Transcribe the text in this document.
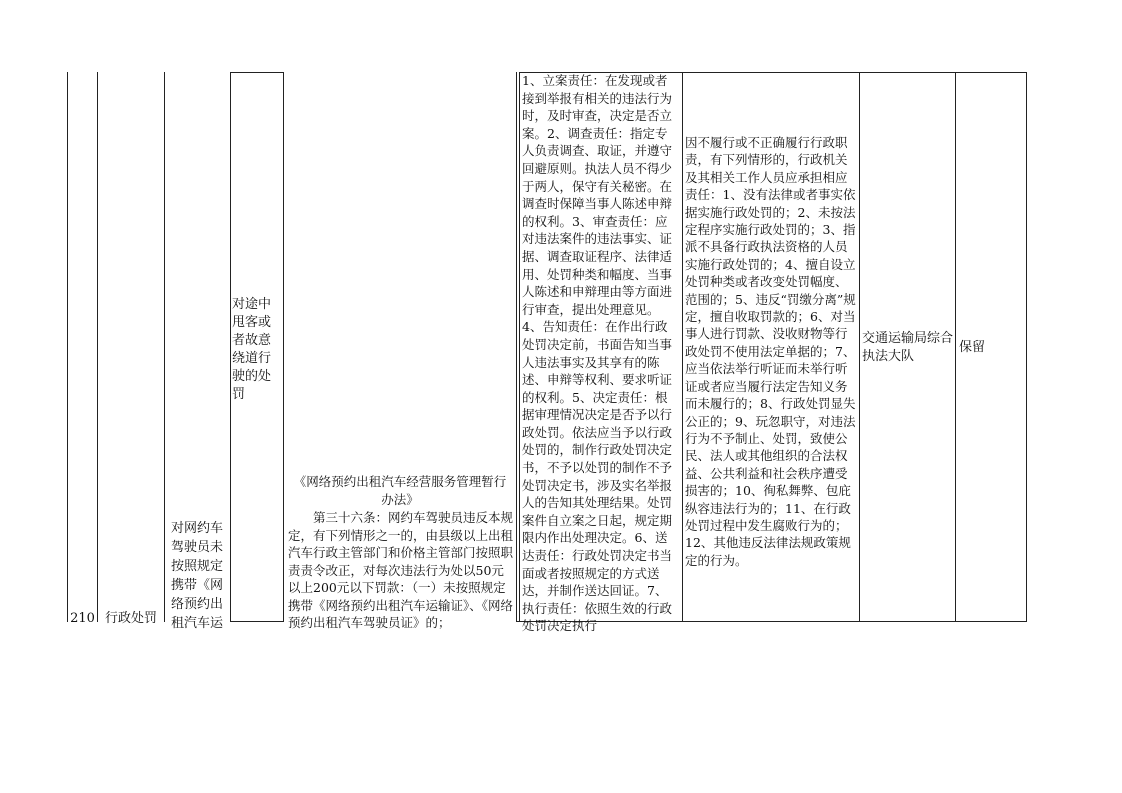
210 行政处罚
对网约车驾驶员未按照规定携带《网络预约出租汽车运
对途中甩客或者故意绕道行驶的处罚
《网络预约出租汽车经营服务管理暂行办法》
第三十六条：网约车驾驶员违反本规定，有下列情形之一的，由县级以上出租汽车行政主管部门和价格主管部门按照职责责令改正，对每次违法行为处以50元以上200元以下罚款：（一）未按照规定携带《网络预约出租汽车运输证》、《网络预约出租汽车驾驶员证》的；
1、立案责任：在发现或者接到举报有相关的违法行为时，及时审查，决定是否立案。2、调查责任：指定专人负责调查、取证，并遵守回避原则。执法人员不得少于两人，保守有关秘密。在调查时保障当事人陈述申辩的权利。3、审查责任：应对违法案件的违法事实、证据、调查取证程序、法律适用、处罚种类和幅度、当事人陈述和申辩理由等方面进行审查，提出处理意见。4、告知责任：在作出行政处罚决定前，书面告知当事人违法事实及其享有的陈述、申辩等权利、要求听证的权利。5、决定责任：根据审理情况决定是否予以行政处罚。依法应当予以行政处罚的，制作行政处罚决定书，不予以处罚的制作不予处罚决定书，涉及实名举报人的告知其处理结果。处罚案件自立案之日起，规定期限内作出处理决定。6、送达责任：行政处罚决定书当面或者按照规定的方式送达，并制作送达回证。7、执行责任：依照生效的行政处罚决定执行
因不履行或不正确履行行政职责，有下列情形的，行政机关及其相关工作人员应承担相应责任：1、没有法律或者事实依据实施行政处罚的；2、未按法定程序实施行政处罚的；3、指派不具备行政执法资格的人员实施行政处罚的；4、擅自设立处罚种类或者改变处罚幅度、范围的；5、违反“罚缴分离”规定，擅自收取罚款的；6、对当事人进行罚款、没收财物等行政处罚不使用法定单据的；7、应当依法举行听证而未举行听证或者应当履行法定告知义务而未履行的；8、行政处罚显失公正的；9、玩忽职守，对违法行为不予制止、处罚，致使公民、法人或其他组织的合法权益、公共利益和社会秩序遭受损害的；10、徇私舞弊、包庇纵容违法行为的；11、在行政处罚过程中发生腐败行为的；12、其他违反法律法规政策规定的行为。
交通运输局综合执法大队
保留
